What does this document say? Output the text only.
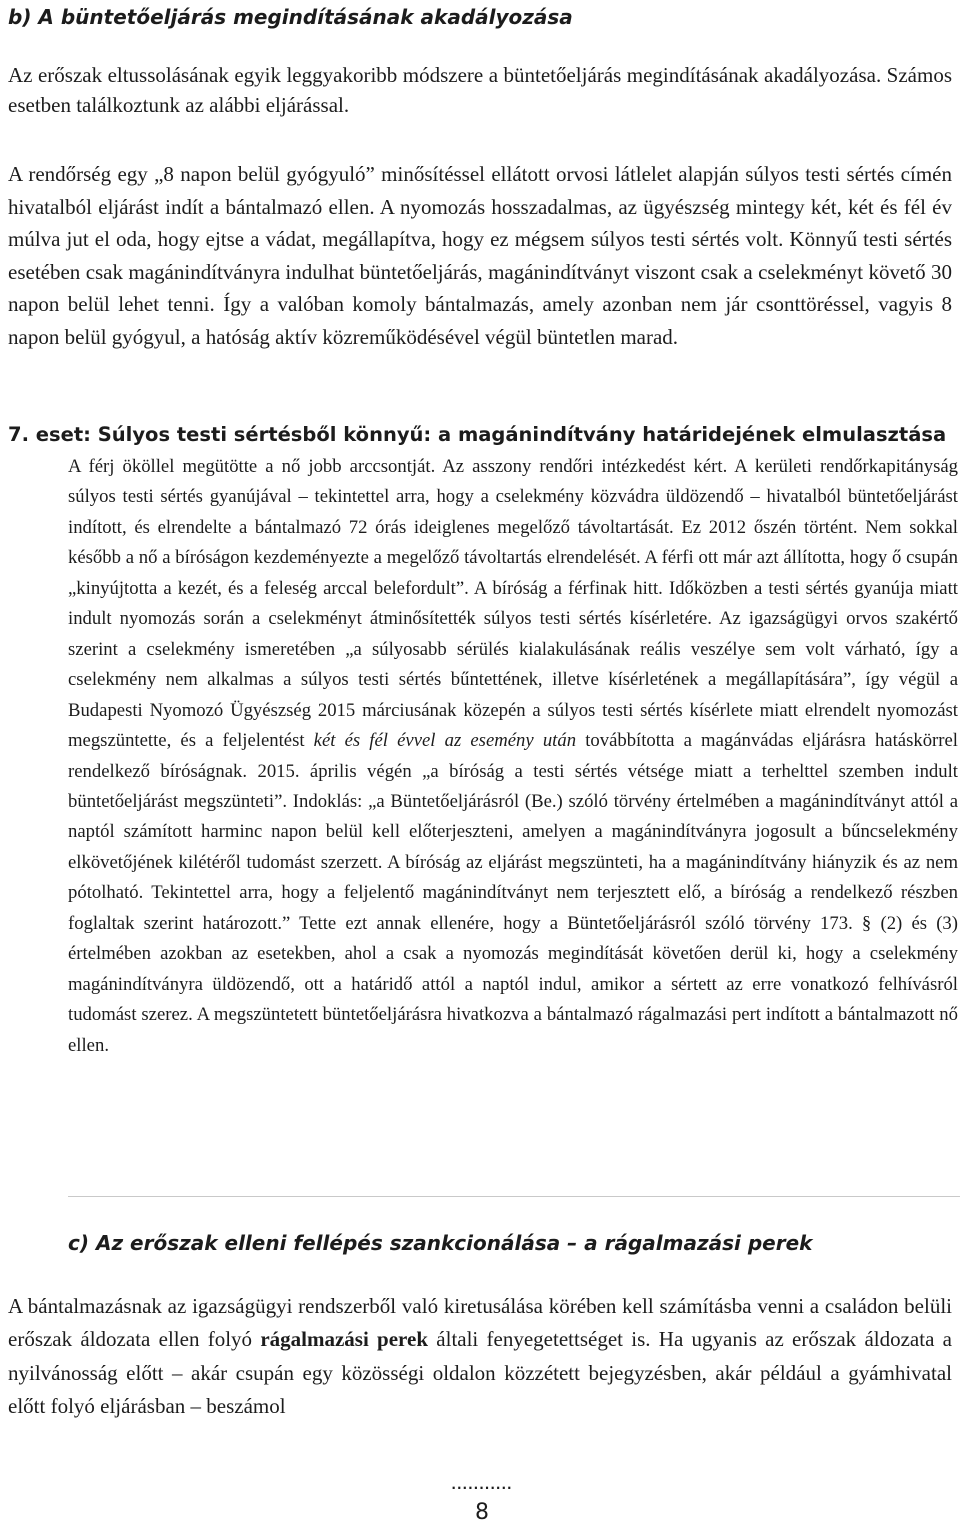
b) A büntetőeljárás megindításának akadályozása

Az erőszak eltussolásának egyik leggyakoribb módszere a büntetőeljárás megindításának akadályozása. Számos esetben találkoztunk az alábbi eljárással.

A rendőrség egy „8 napon belül gyógyuló” minősítéssel ellátott orvosi látlelet alapján súlyos testi sértés címén hivatalból eljárást indít a bántalmazó ellen. A nyomozás hosszadalmas, az ügyészség mintegy két, két és fél év múlva jut el oda, hogy ejtse a vádat, megállapítva, hogy ez mégsem súlyos testi sértés volt. Könnyű testi sértés esetében csak magánindítványra indulhat büntetőeljárás, magánindítványt viszont csak a cselekményt követő 30 napon belül lehet tenni. Így a valóban komoly bántalmazás, amely azonban nem jár csonttöréssel, vagyis 8 napon belül gyógyul, a hatóság aktív közreműködésével végül büntetlen marad.

7. eset: Súlyos testi sértésből könnyű: a magánindítvány határidejének elmulasztása

A férj ököllel megütötte a nő jobb arccsontját. Az asszony rendőri intézkedést kért. A kerületi rendőrkapitányság súlyos testi sértés gyanújával – tekintettel arra, hogy a cselekmény közvádra üldözendő – hivatalból büntetőeljárást indított, és elrendelte a bántalmazó 72 órás ideiglenes megelőző távoltartását. Ez 2012 őszén történt. Nem sokkal később a nő a bíróságon kezdeményezte a megelőző távoltartás elrendelését. A férfi ott már azt állította, hogy ő csupán „kinyújtotta a kezét, és a feleség arccal belefordult”. A bíróság a férfinak hitt. Időközben a testi sértés gyanúja miatt indult nyomozás során a cselekményt átminősítették súlyos testi sértés kísérletére. Az igazságügyi orvos szakértő szerint a cselekmény ismeretében „a súlyosabb sérülés kialakulásának reális veszélye sem volt várható, így a cselekmény nem alkalmas a súlyos testi sértés bűntettének, illetve kísérletének a megállapítására”, így végül a Budapesti Nyomozó Ügyészség 2015 márciusának közepén a súlyos testi sértés kísérlete miatt elrendelt nyomozást megszüntette, és a feljelentést két és fél évvel az esemény után továbbította a magánvádas eljárásra hatáskörrel rendelkező bíróságnak. 2015. április végén „a bíróság a testi sértés vétsége miatt a terhelttel szemben indult büntetőeljárást megszünteti”. Indoklás: „a Büntetőeljárásról (Be.) szóló törvény értelmében a magánindítványt attól a naptól számított harminc napon belül kell előterjeszteni, amelyen a magánindítványra jogosult a bűncselekmény elkövetőjének kilétéről tudomást szerzett. A bíróság az eljárást megszünteti, ha a magánindítvány hiányzik és az nem pótolható. Tekintettel arra, hogy a feljelentő magánindítványt nem terjesztett elő, a bíróság a rendelkező részben foglaltak szerint határozott.” Tette ezt annak ellenére, hogy a Büntetőeljárásról szóló törvény 173. § (2) és (3) értelmében azokban az esetekben, ahol a csak a nyomozás megindítását követően derül ki, hogy a cselekmény magánindítványra üldözendő, ott a határidő attól a naptól indul, amikor a sértett az erre vonatkozó felhívásról tudomást szerez. A megszüntetett büntetőeljárásra hivatkozva a bántalmazó rágalmazási pert indított a bántalmazott nő ellen.

c) Az erőszak elleni fellépés szankcionálása – a rágalmazási perek

A bántalmazásnak az igazságügyi rendszerből való kiretusálása körében kell számításba venni a családon belüli erőszak áldozata ellen folyó rágalmazási perek általi fenyegetettséget is. Ha ugyanis az erőszak áldozata a nyilvánosság előtt – akár csupán egy közösségi oldalon közzétett bejegyzésben, akár például a gyámhivatal előtt folyó eljárásban – beszámol

...........
8
